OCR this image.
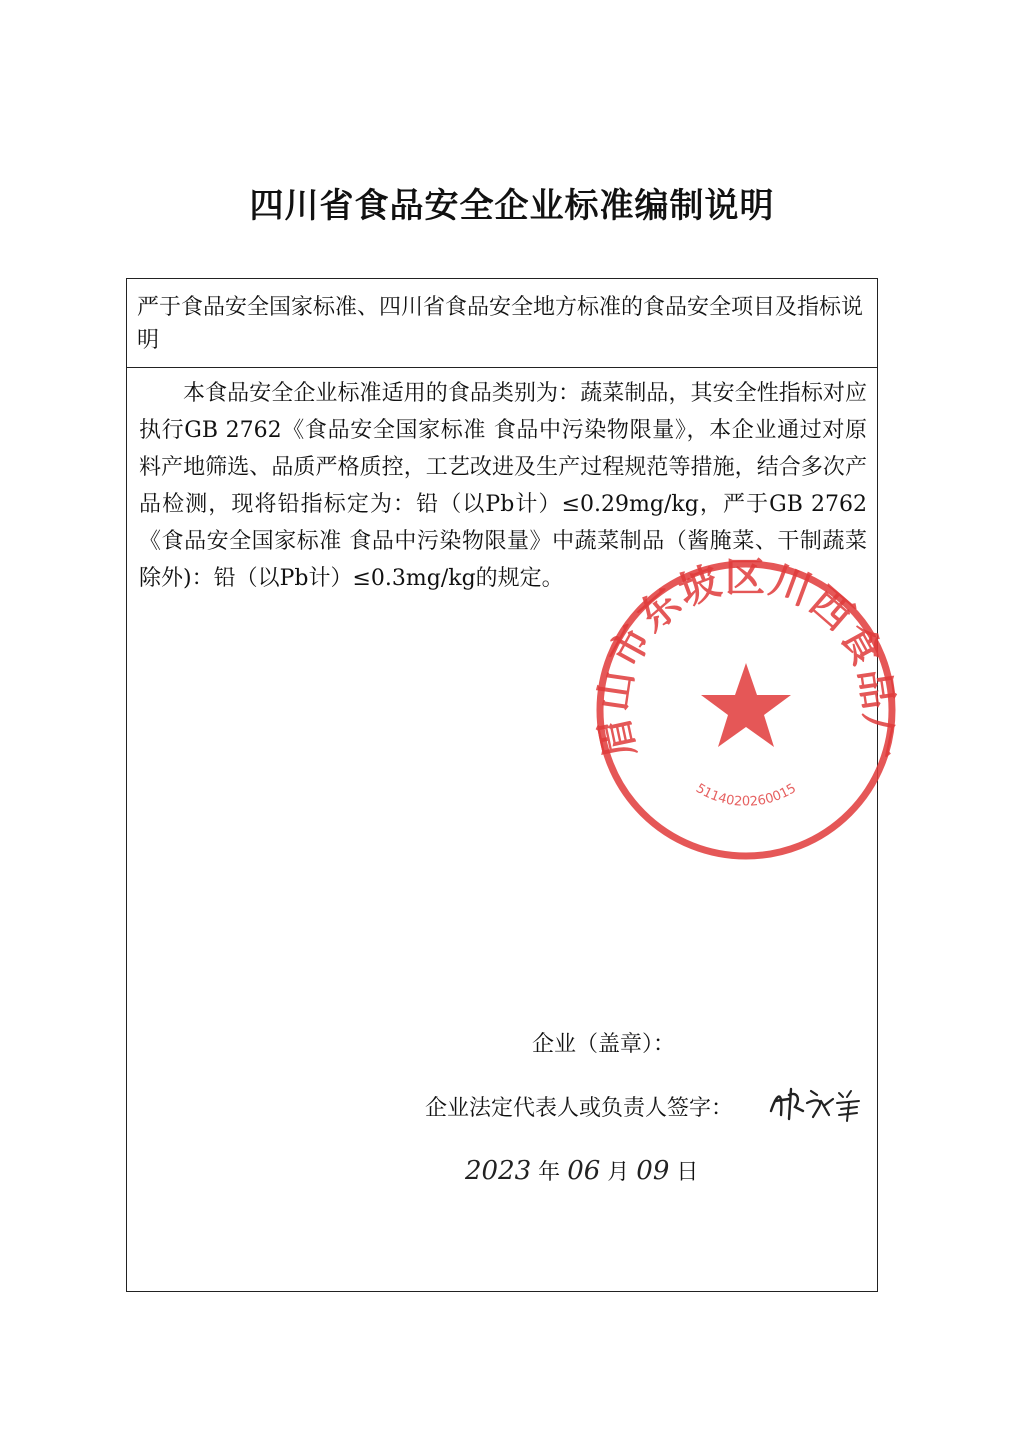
四川省食品安全企业标准编制说明
严于食品安全国家标准、四川省食品安全地方标准的食品安全项目及指标说明

本食品安全企业标准适用的食品类别为：蔬菜制品，其安全性指标对应执行GB 2762《食品安全国家标准 食品中污染物限量》，本企业通过对原料产地筛选、品质严格质控，工艺改进及生产过程规范等措施，结合多次产品检测，现将铅指标定为：铅（以Pb计）≤0.29mg/kg，严于GB 2762《食品安全国家标准 食品中污染物限量》中蔬菜制品（酱腌菜、干制蔬菜除外)：铅（以Pb计）≤0.3mg/kg的规定。

眉山市东坡区川西食品厂
5114020260015
企业（盖章）：
企业法定代表人或负责人签字：
2023 年 06 月 09 日
